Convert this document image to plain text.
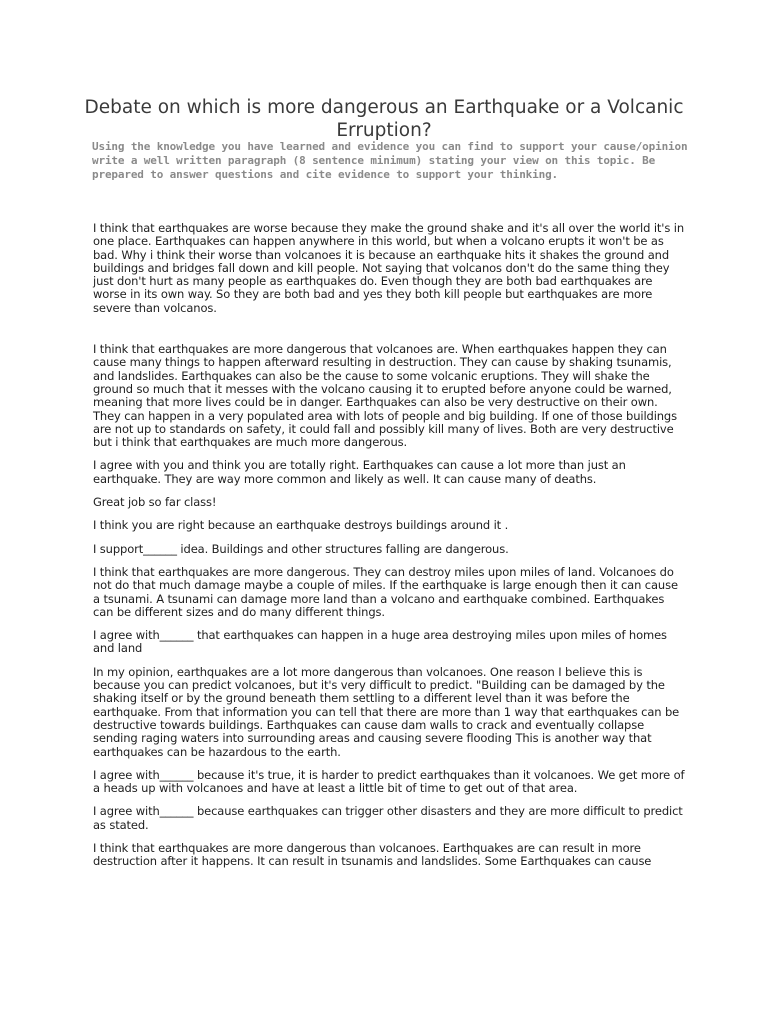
Debate on which is more dangerous an Earthquake or a Volcanic Erruption?

Using the knowledge you have learned and evidence you can find to support your cause/opinion write a well written paragraph (8 sentence minimum) stating your view on this topic. Be prepared to answer questions and cite evidence to support your thinking.

I think that earthquakes are worse because they make the ground shake and it's all over the world it's in one place. Earthquakes can happen anywhere in this world, but when a volcano erupts it won't be as bad. Why i think their worse than volcanoes it is because an earthquake hits it shakes the ground and buildings and bridges fall down and kill people. Not saying that volcanos don't do the same thing they just don't hurt as many people as earthquakes do. Even though they are both bad earthquakes are worse in its own way. So they are both bad and yes they both kill people but earthquakes are more severe than volcanos.

I think that earthquakes are more dangerous that volcanoes are. When earthquakes happen they can cause many things to happen afterward resulting in destruction. They can cause by shaking tsunamis, and landslides. Earthquakes can also be the cause to some volcanic eruptions. They will shake the ground so much that it messes with the volcano causing it to erupted before anyone could be warned, meaning that more lives could be in danger. Earthquakes can also be very destructive on their own. They can happen in a very populated area with lots of people and big building. If one of those buildings are not up to standards on safety, it could fall and possibly kill many of lives. Both are very destructive but i think that earthquakes are much more dangerous.

I agree with you and think you are totally right. Earthquakes can cause a lot more than just an earthquake. They are way more common and likely as well. It can cause many of deaths.

Great job so far class!

I think you are right because an earthquake destroys buildings around it .

I support______ idea. Buildings and other structures falling are dangerous.

I think that earthquakes are more dangerous. They can destroy miles upon miles of land. Volcanoes do not do that much damage maybe a couple of miles. If the earthquake is large enough then it can cause a tsunami. A tsunami can damage more land than a volcano and earthquake combined. Earthquakes can be different sizes and do many different things.

I agree with______ that earthquakes can happen in a huge area destroying miles upon miles of homes and land

In my opinion, earthquakes are a lot more dangerous than volcanoes. One reason I believe this is because you can predict volcanoes, but it's very difficult to predict. "Building can be damaged by the shaking itself or by the ground beneath them settling to a different level than it was before the earthquake. From that information you can tell that there are more than 1 way that earthquakes can be destructive towards buildings. Earthquakes can cause dam walls to crack and eventually collapse sending raging waters into surrounding areas and causing severe flooding This is another way that earthquakes can be hazardous to the earth.

I agree with______ because it's true, it is harder to predict earthquakes than it volcanoes. We get more of a heads up with volcanoes and have at least a little bit of time to get out of that area.

I agree with______ because earthquakes can trigger other disasters and they are more difficult to predict as stated.

I think that earthquakes are more dangerous than volcanoes. Earthquakes are can result in more destruction after it happens. It can result in tsunamis and landslides. Some Earthquakes can cause
